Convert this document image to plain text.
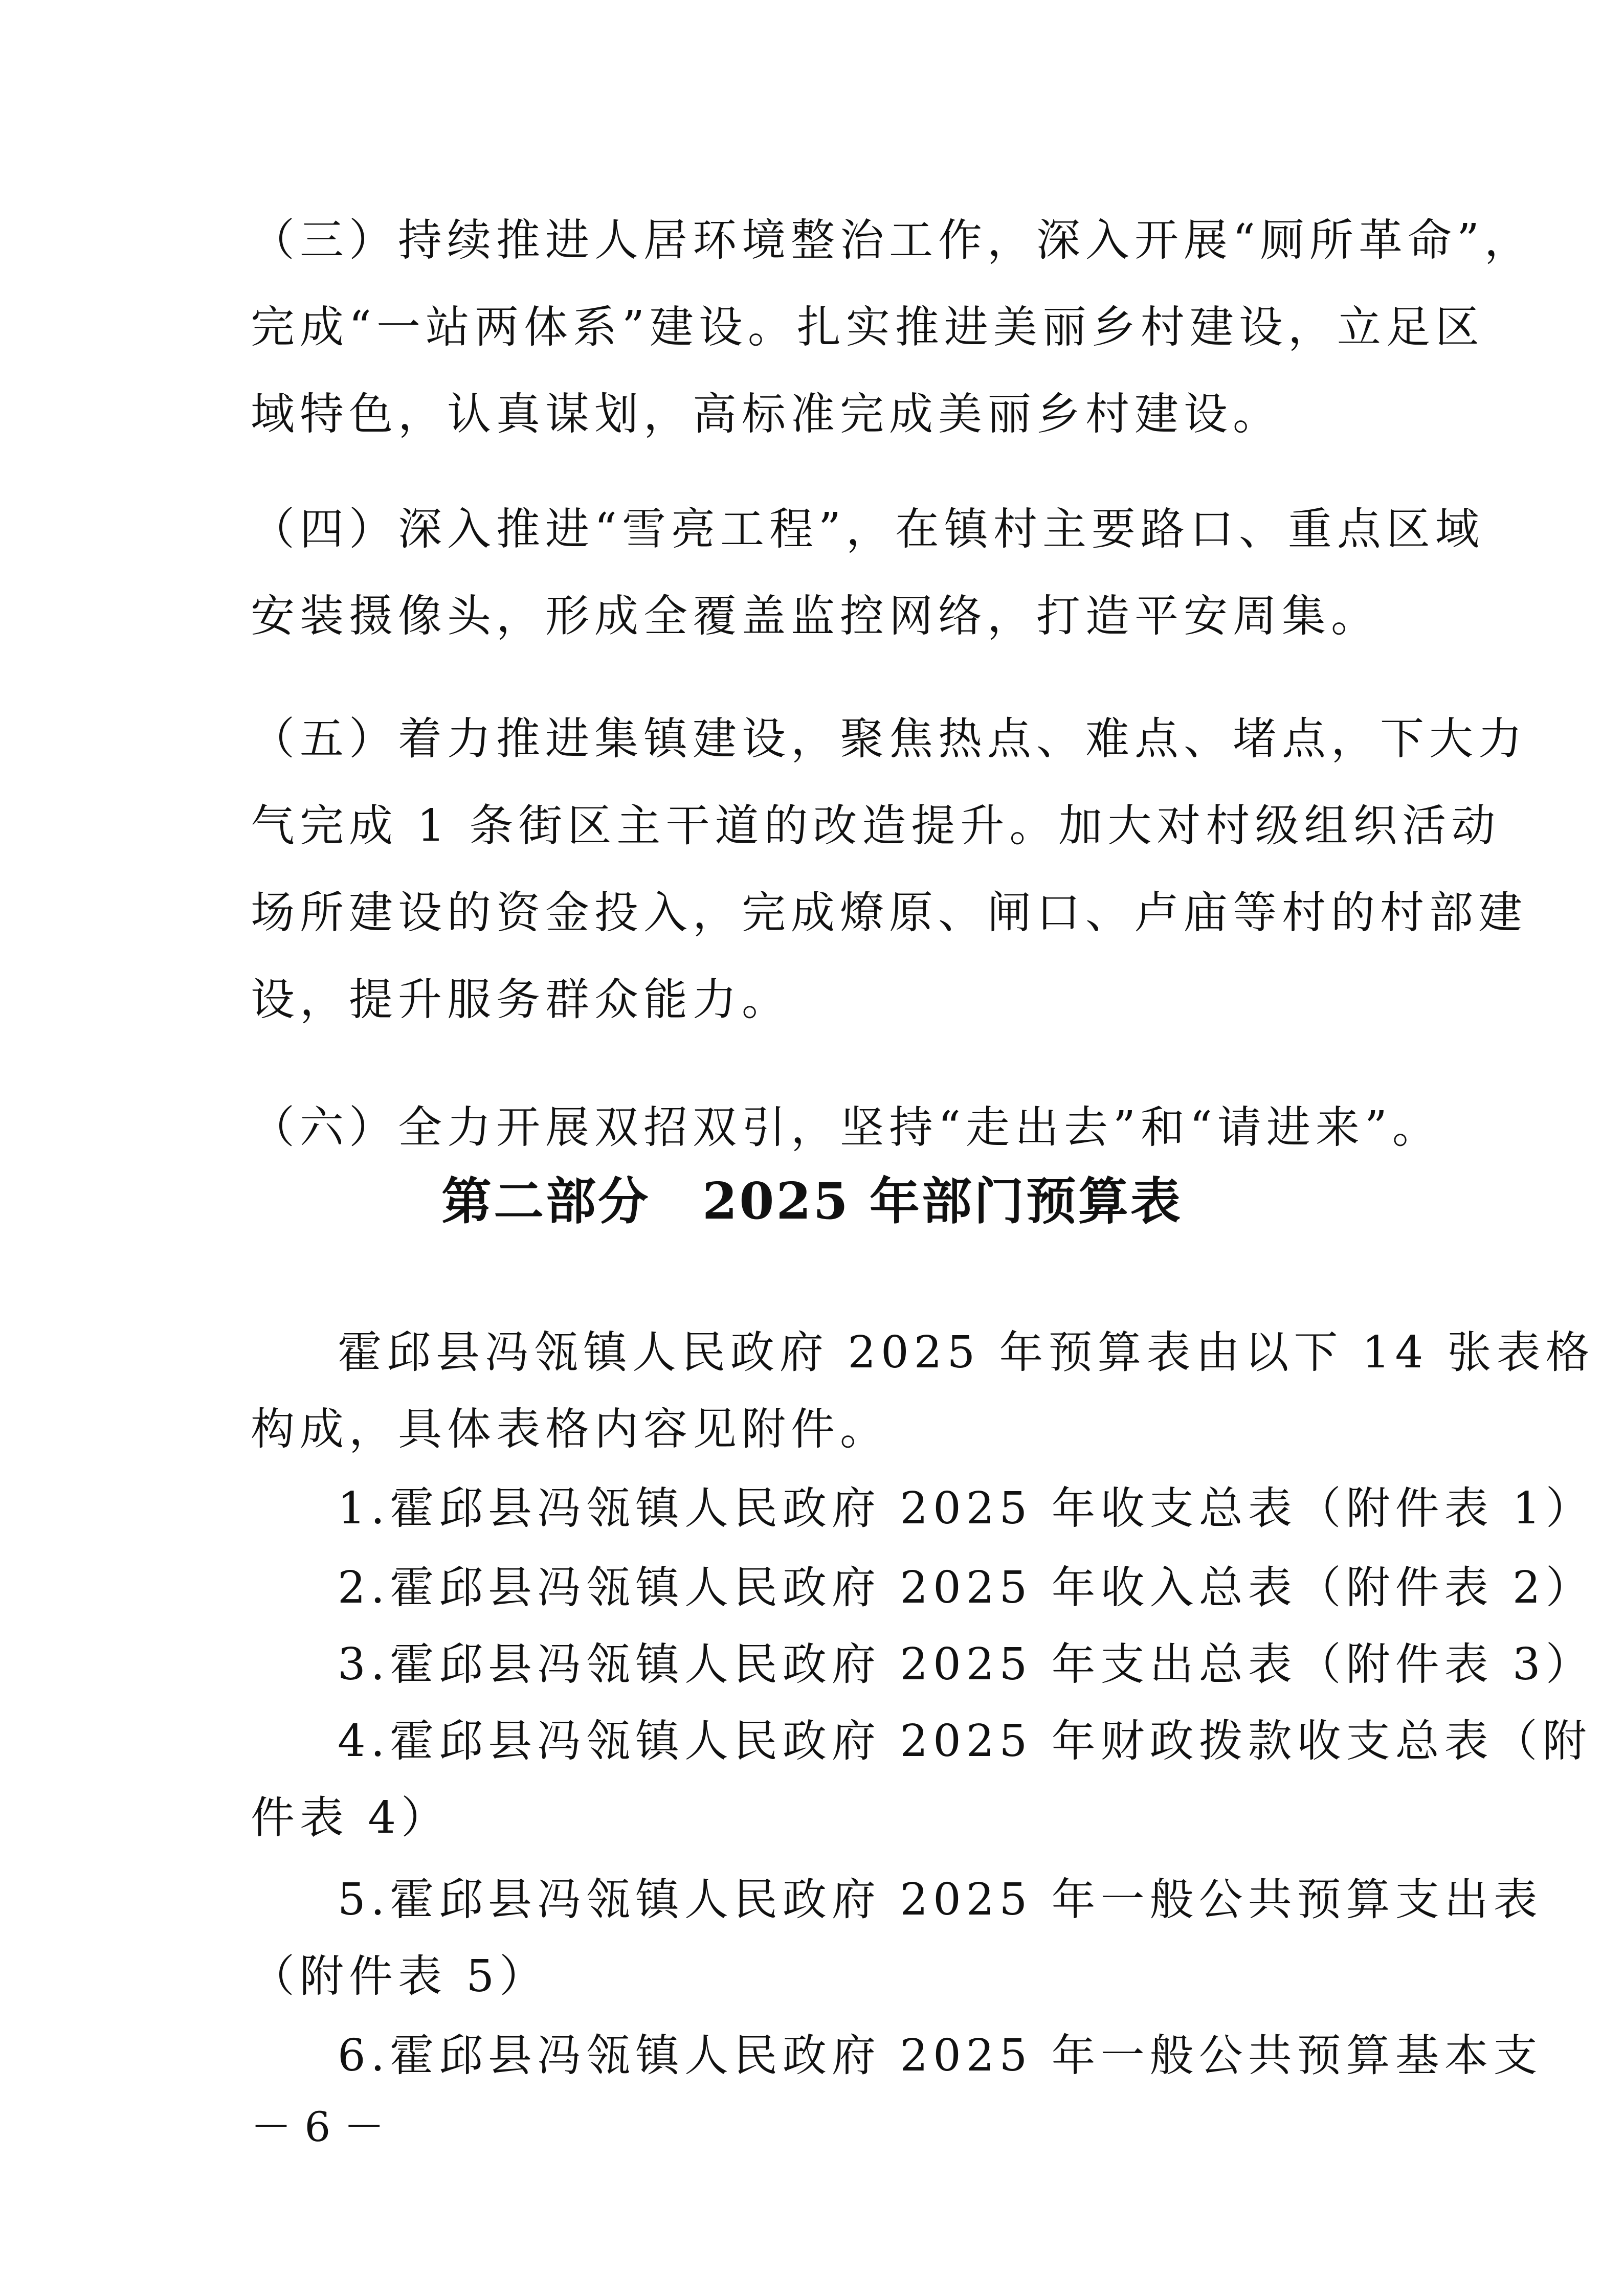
（三）持续推进人居环境整治工作，深入开展“厕所革命”，
完成“一站两体系”建设。扎实推进美丽乡村建设，立足区
域特色，认真谋划，高标准完成美丽乡村建设。
（四）深入推进“雪亮工程”，在镇村主要路口、重点区域
安装摄像头，形成全覆盖监控网络，打造平安周集。
（五）着力推进集镇建设，聚焦热点、难点、堵点，下大力
气完成 1 条街区主干道的改造提升。加大对村级组织活动
场所建设的资金投入，完成燎原、闸口、卢庙等村的村部建
设，提升服务群众能力。
（六）全力开展双招双引，坚持“走出去”和“请进来”。
第二部分　2025 年部门预算表
霍邱县冯瓴镇人民政府 2025 年预算表由以下 14 张表格
构成，具体表格内容见附件。
1.霍邱县冯瓴镇人民政府 2025 年收支总表（附件表 1）
2.霍邱县冯瓴镇人民政府 2025 年收入总表（附件表 2）
3.霍邱县冯瓴镇人民政府 2025 年支出总表（附件表 3）
4.霍邱县冯瓴镇人民政府 2025 年财政拨款收支总表（附
件表 4）
5.霍邱县冯瓴镇人民政府 2025 年一般公共预算支出表
（附件表 5）
6.霍邱县冯瓴镇人民政府 2025 年一般公共预算基本支
－ 6 －
